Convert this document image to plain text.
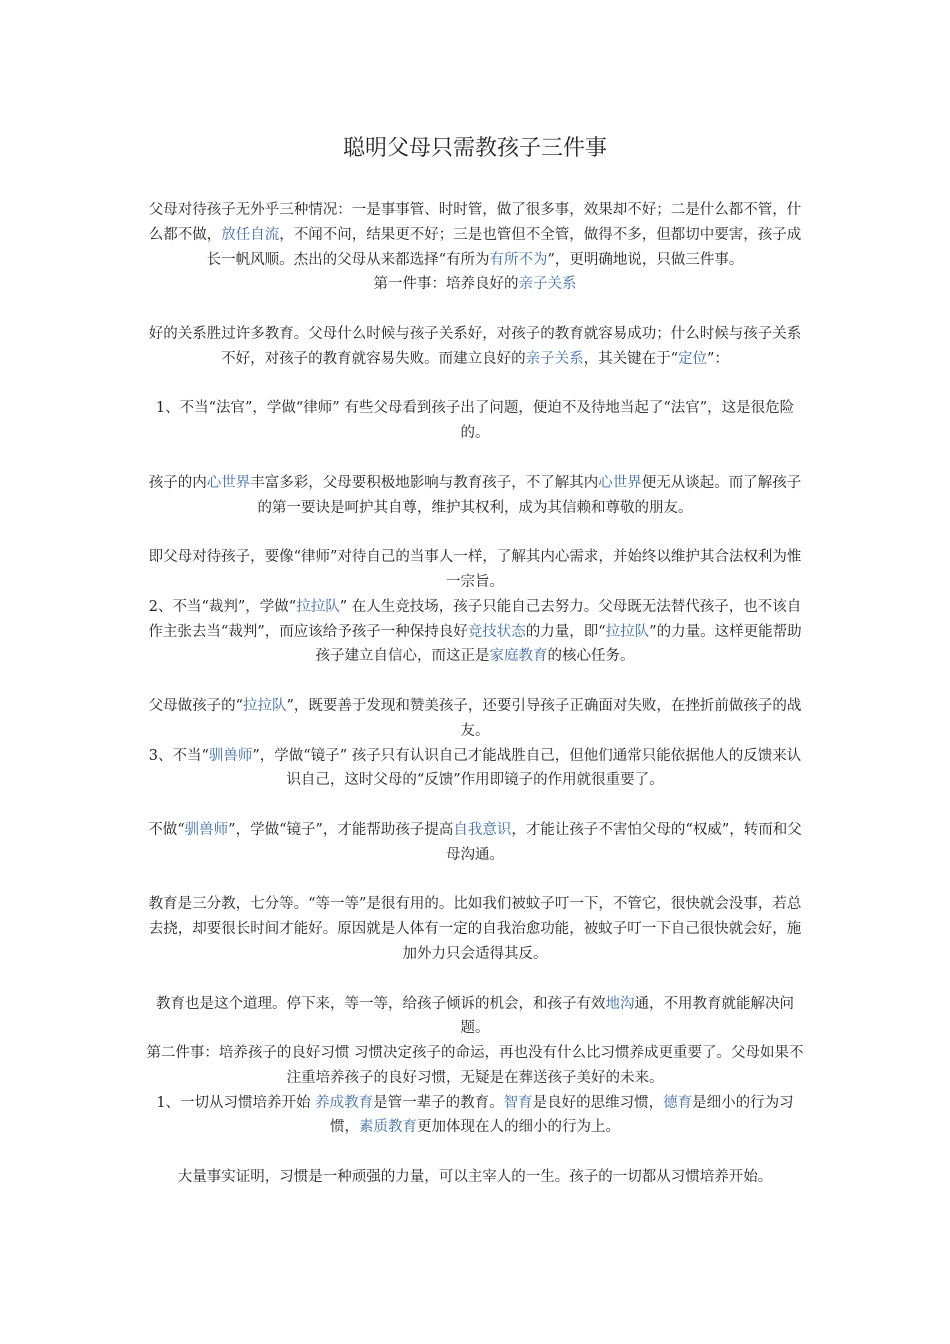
聪明父母只需教孩子三件事

父母对待孩子无外乎三种情况：一是事事管、时时管，做了很多事，效果却不好；二是什么都不管，什么都不做，放任自流，不闻不问，结果更不好；三是也管但不全管，做得不多，但都切中要害，孩子成长一帆风顺。杰出的父母从来都选择“有所为有所不为”，更明确地说，只做三件事。

第一件事：培养良好的亲子关系

好的关系胜过许多教育。父母什么时候与孩子关系好，对孩子的教育就容易成功；什么时候与孩子关系不好，对孩子的教育就容易失败。而建立良好的亲子关系，其关键在于“定位”：

1、不当“法官”，学做“律师” 有些父母看到孩子出了问题，便迫不及待地当起了“法官”，这是很危险的。

孩子的内心世界丰富多彩，父母要积极地影响与教育孩子，不了解其内心世界便无从谈起。而了解孩子的第一要诀是呵护其自尊，维护其权利，成为其信赖和尊敬的朋友。

即父母对待孩子，要像“律师”对待自己的当事人一样，了解其内心需求，并始终以维护其合法权利为惟一宗旨。

2、不当“裁判”，学做“拉拉队” 在人生竞技场，孩子只能自己去努力。父母既无法替代孩子，也不该自作主张去当“裁判”，而应该给予孩子一种保持良好竞技状态的力量，即“拉拉队”的力量。这样更能帮助孩子建立自信心，而这正是家庭教育的核心任务。

父母做孩子的“拉拉队”，既要善于发现和赞美孩子，还要引导孩子正确面对失败，在挫折前做孩子的战友。

3、不当“驯兽师”，学做“镜子” 孩子只有认识自己才能战胜自己，但他们通常只能依据他人的反馈来认识自己，这时父母的“反馈”作用即镜子的作用就很重要了。

不做“驯兽师”，学做“镜子”，才能帮助孩子提高自我意识，才能让孩子不害怕父母的“权威”，转而和父母沟通。

教育是三分教，七分等。“等一等”是很有用的。比如我们被蚊子叮一下，不管它，很快就会没事，若总去挠，却要很长时间才能好。原因就是人体有一定的自我治愈功能，被蚊子叮一下自己很快就会好，施加外力只会适得其反。

教育也是这个道理。停下来，等一等，给孩子倾诉的机会，和孩子有效地沟通，不用教育就能解决问题。

第二件事：培养孩子的良好习惯 习惯决定孩子的命运，再也没有什么比习惯养成更重要了。父母如果不注重培养孩子的良好习惯，无疑是在葬送孩子美好的未来。

1、一切从习惯培养开始 养成教育是管一辈子的教育。智育是良好的思维习惯，德育是细小的行为习惯，素质教育更加体现在人的细小的行为上。

大量事实证明，习惯是一种顽强的力量，可以主宰人的一生。孩子的一切都从习惯培养开始。
